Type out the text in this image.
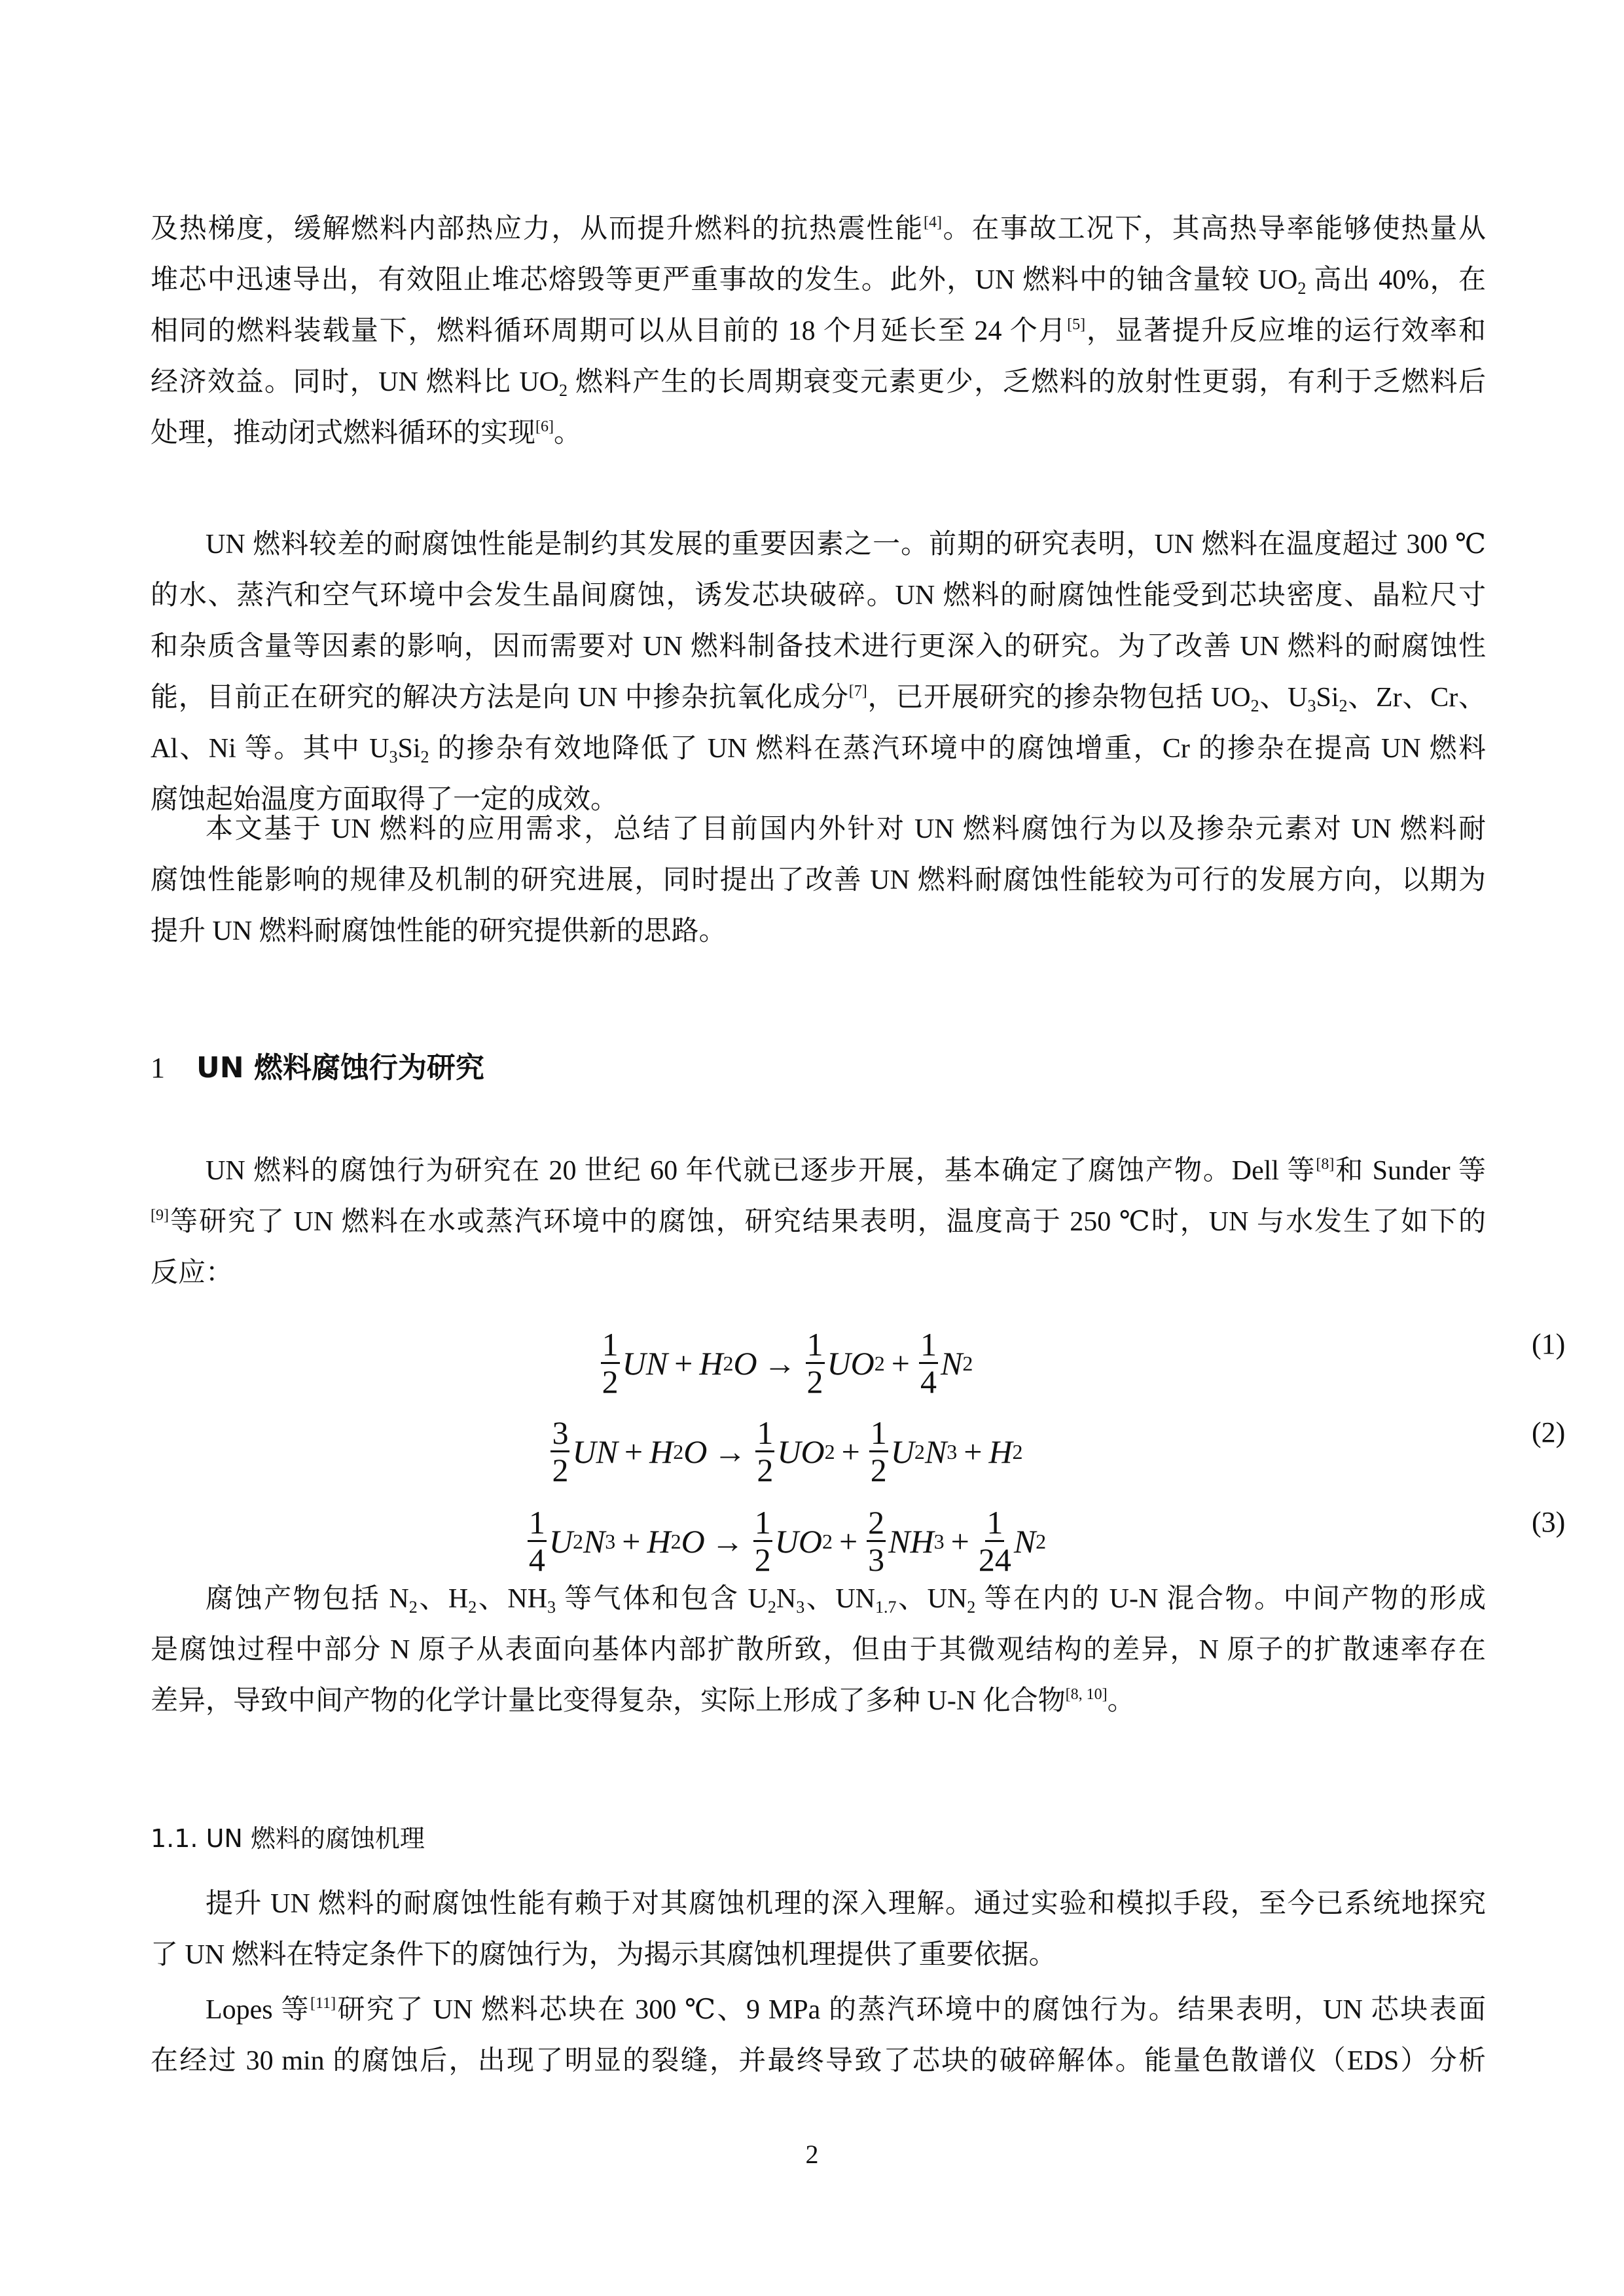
及热梯度，缓解燃料内部热应力，从而提升燃料的抗热震性能[4]。在事故工况下，其高热导率能够使热量从
堆芯中迅速导出，有效阻止堆芯熔毁等更严重事故的发生。此外，UN 燃料中的铀含量较 $UO_2$ 高出 40%，在
相同的燃料装载量下，燃料循环周期可以从目前的 18 个月延长至 24 个月[5]，显著提升反应堆的运行效率和
经济效益。同时，UN 燃料比 $UO_2$ 燃料产生的长周期衰变元素更少，乏燃料的放射性更弱，有利于乏燃料后
处理，推动闭式燃料循环的实现[6]。
UN 燃料较差的耐腐蚀性能是制约其发展的重要因素之一。前期的研究表明，UN 燃料在温度超过 300 ℃
的水、蒸汽和空气环境中会发生晶间腐蚀，诱发芯块破碎。UN 燃料的耐腐蚀性能受到芯块密度、晶粒尺寸
和杂质含量等因素的影响，因而需要对 UN 燃料制备技术进行更深入的研究。为了改善 UN 燃料的耐腐蚀性
能，目前正在研究的解决方法是向 UN 中掺杂抗氧化成分[7]，已开展研究的掺杂物包括 $UO_2$、$U_3Si_2$、Zr、Cr、
Al、Ni 等。其中 $U_3Si_2$ 的掺杂有效地降低了 UN 燃料在蒸汽环境中的腐蚀增重，Cr 的掺杂在提高 UN 燃料
腐蚀起始温度方面取得了一定的成效。
本文基于 UN 燃料的应用需求，总结了目前国内外针对 UN 燃料腐蚀行为以及掺杂元素对 UN 燃料耐
腐蚀性能影响的规律及机制的研究进展，同时提出了改善 UN 燃料耐腐蚀性能较为可行的发展方向，以期为
提升 UN 燃料耐腐蚀性能的研究提供新的思路。
1 UN 燃料腐蚀行为研究
UN 燃料的腐蚀行为研究在 20 世纪 60 年代就已逐步开展，基本确定了腐蚀产物。Dell 等[8]和 Sunder 等
[9]等研究了 UN 燃料在水或蒸汽环境中的腐蚀，研究结果表明，温度高于 250 ℃时，UN 与水发生了如下的
反应：
$\frac{1}{2}$ UN + H 2 $O \to \frac{1}{2}$ UO $2 + \frac{1}{4}$ N 2
(1)
$\frac{3}{2}$ UN + H 2 $O \to \frac{1}{2}$ UO $2 + \frac{1}{2}$ U 2 N 3 + H 2
(2)
$\frac{1}{4}$ U 2 N 3 + H 2 $O \to \frac{1}{2}$ UO $2 + \frac{2}{3}$ NH $3 + \frac{1}{24}$ N 2
(3)
腐蚀产物包括 $N_2$、$H_2$、$NH_3$ 等气体和包含 $U_2N_3$、$UN_{1.7}$、$UN_2$ 等在内的 U-N 混合物。中间产物的形成
是腐蚀过程中部分 N 原子从表面向基体内部扩散所致，但由于其微观结构的差异，N 原子的扩散速率存在
差异，导致中间产物的化学计量比变得复杂，实际上形成了多种 U-N 化合物[8, 10]。
1.1. UN 燃料的腐蚀机理
提升 UN 燃料的耐腐蚀性能有赖于对其腐蚀机理的深入理解。通过实验和模拟手段，至今已系统地探究
了 UN 燃料在特定条件下的腐蚀行为，为揭示其腐蚀机理提供了重要依据。
Lopes 等[11]研究了 UN 燃料芯块在 300 ℃、9 MPa 的蒸汽环境中的腐蚀行为。结果表明，UN 芯块表面
在经过 30 min 的腐蚀后，出现了明显的裂缝，并最终导致了芯块的破碎解体。能量色散谱仪（EDS）分析
2
